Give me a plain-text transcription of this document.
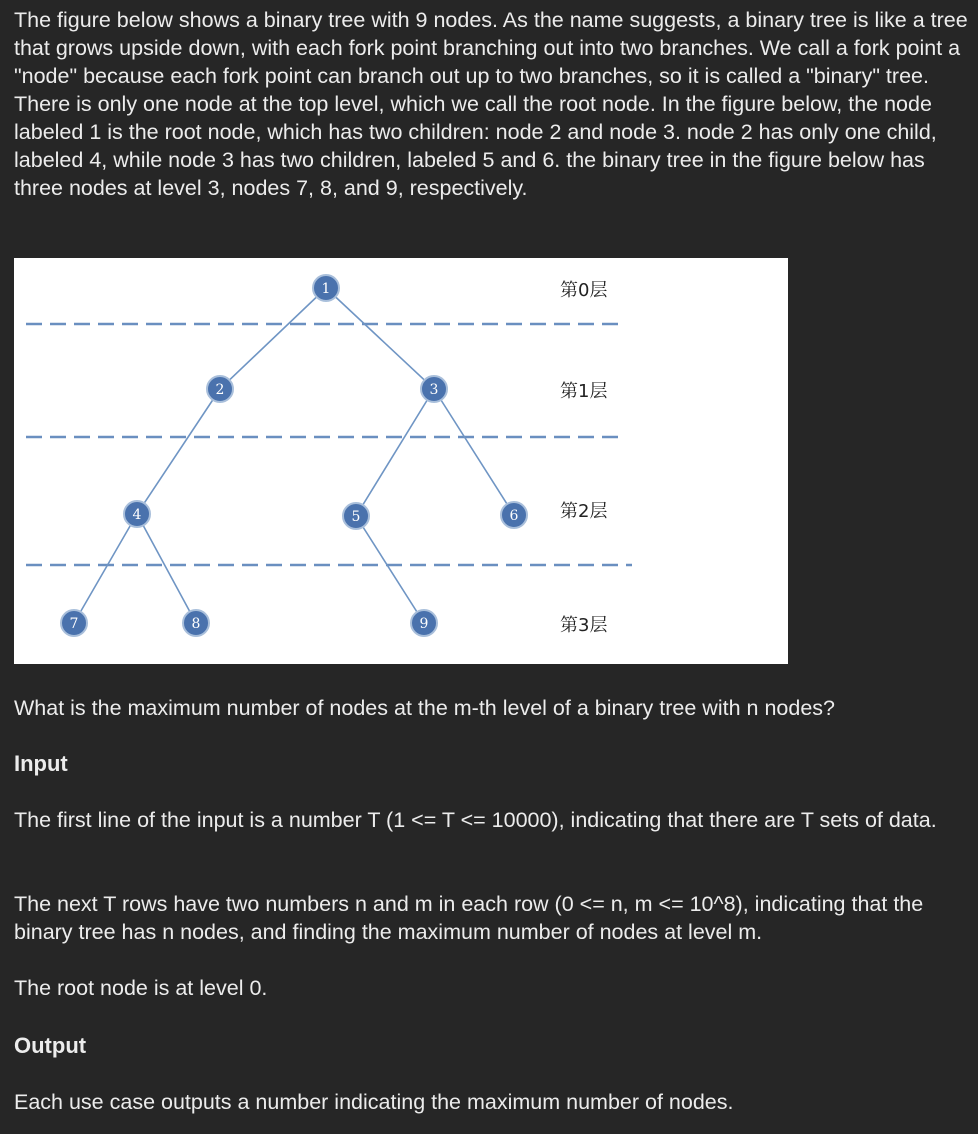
The figure below shows a binary tree with 9 nodes. As the name suggests, a binary tree is like a tree that grows upside down, with each fork point branching out into two branches. We call a fork point a "node" because each fork point can branch out up to two branches, so it is called a "binary" tree. There is only one node at the top level, which we call the root node. In the figure below, the node labeled 1 is the root node, which has two children: node 2 and node 3. node 2 has only one child, labeled 4, while node 3 has two children, labeled 5 and 6. the binary tree in the figure below has three nodes at level 3, nodes 7, 8, and 9, respectively.

1
2	3
4	5	6
7	8	9
第0层
第1层
第2层
第3层

What is the maximum number of nodes at the m-th level of a binary tree with n nodes?

Input

The first line of the input is a number T (1 <= T <= 10000), indicating that there are T sets of data.

The next T rows have two numbers n and m in each row (0 <= n, m <= 10^8), indicating that the binary tree has n nodes, and finding the maximum number of nodes at level m.

The root node is at level 0.

Output

Each use case outputs a number indicating the maximum number of nodes.
